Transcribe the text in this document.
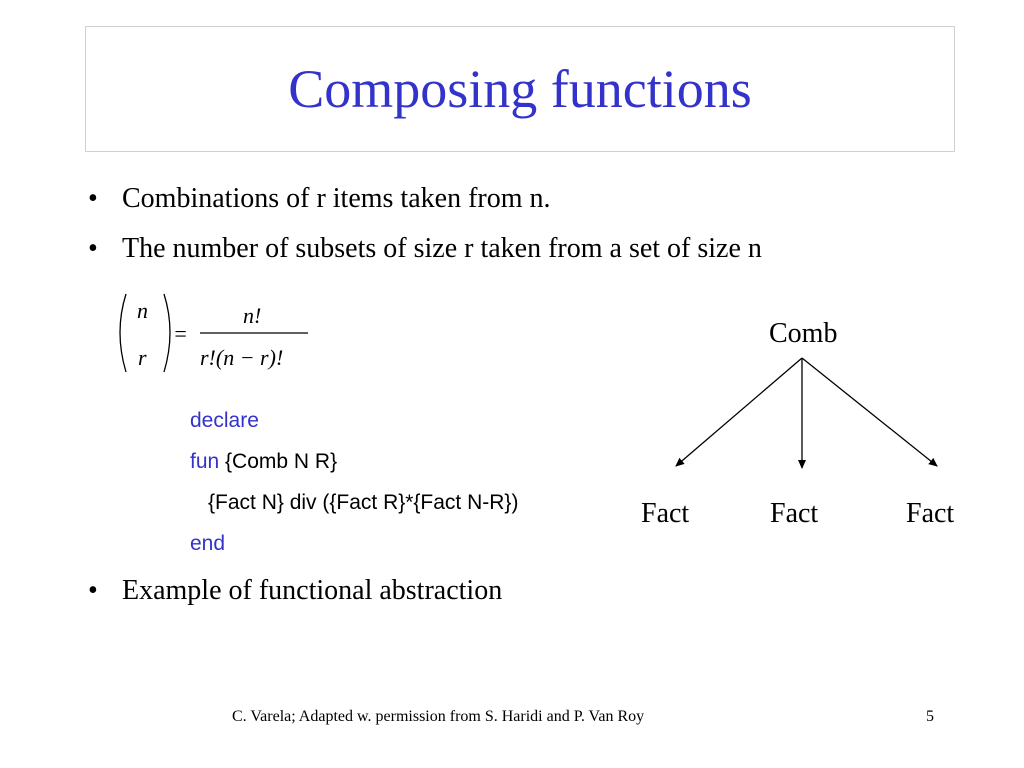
Composing functions
• Combinations of r items taken from n.
• The number of subsets of size r taken from a set of size n
n
r
=
n!
r!(n − r)!
declare
fun {Comb N R}
{Fact N} div ({Fact R}*{Fact N-R})
end
Comb
Fact	Fact	Fact
• Example of functional abstraction
C. Varela; Adapted w. permission from S. Haridi and P. Van Roy	5
